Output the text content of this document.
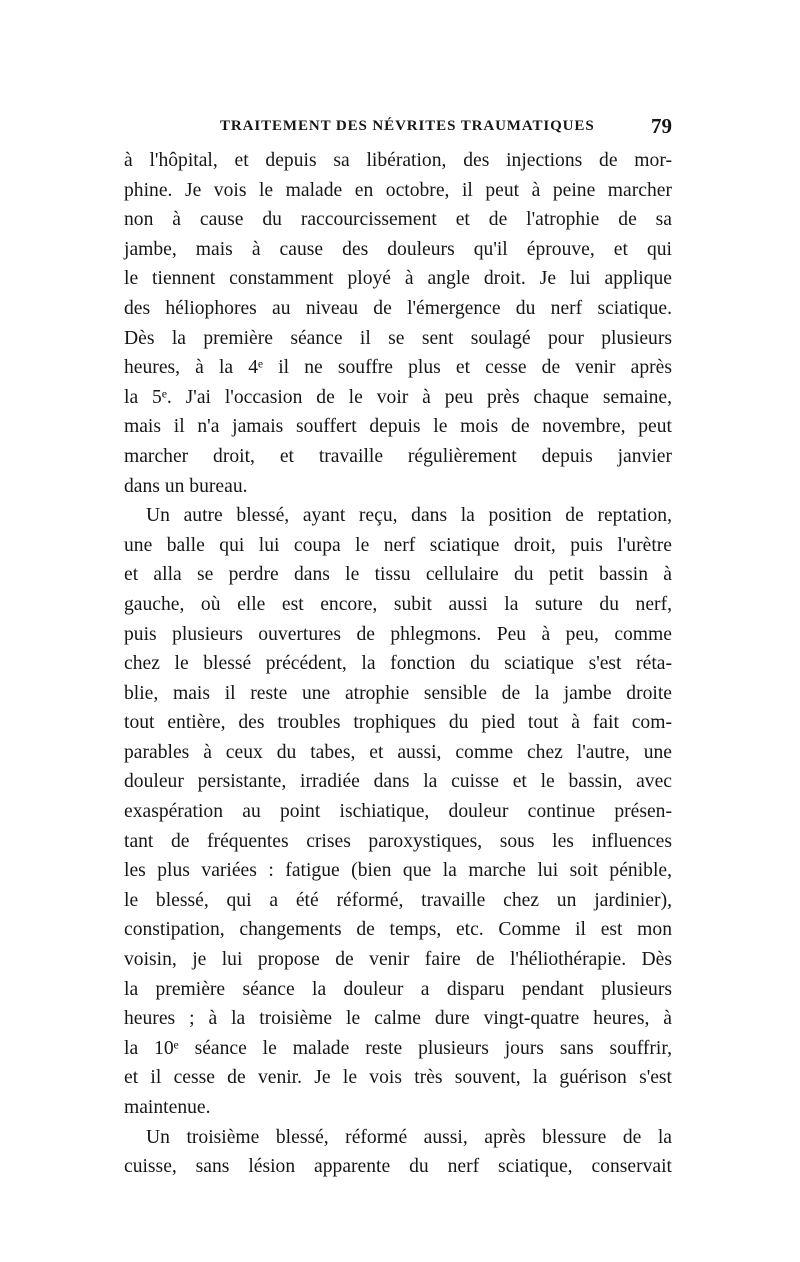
TRAITEMENT DES NÉVRITES TRAUMATIQUES	79
à l'hôpital, et depuis sa libération, des injections de mor-
phine. Je vois le malade en octobre, il peut à peine marcher
non à cause du raccourcissement et de l'atrophie de sa
jambe, mais à cause des douleurs qu'il éprouve, et qui
le tiennent constamment ployé à angle droit. Je lui applique
des héliophores au niveau de l'émergence du nerf sciatique.
Dès la première séance il se sent soulagé pour plusieurs
heures, à la 4ᵉ il ne souffre plus et cesse de venir après
la 5ᵉ. J'ai l'occasion de le voir à peu près chaque semaine,
mais il n'a jamais souffert depuis le mois de novembre, peut
marcher droit, et travaille régulièrement depuis janvier
dans un bureau.
Un autre blessé, ayant reçu, dans la position de reptation,
une balle qui lui coupa le nerf sciatique droit, puis l'urètre
et alla se perdre dans le tissu cellulaire du petit bassin à
gauche, où elle est encore, subit aussi la suture du nerf,
puis plusieurs ouvertures de phlegmons. Peu à peu, comme
chez le blessé précédent, la fonction du sciatique s'est réta-
blie, mais il reste une atrophie sensible de la jambe droite
tout entière, des troubles trophiques du pied tout à fait com-
parables à ceux du tabes, et aussi, comme chez l'autre, une
douleur persistante, irradiée dans la cuisse et le bassin, avec
exaspération au point ischiatique, douleur continue présen-
tant de fréquentes crises paroxystiques, sous les influences
les plus variées : fatigue (bien que la marche lui soit pénible,
le blessé, qui a été réformé, travaille chez un jardinier),
constipation, changements de temps, etc. Comme il est mon
voisin, je lui propose de venir faire de l'héliothérapie. Dès
la première séance la douleur a disparu pendant plusieurs
heures ; à la troisième le calme dure vingt-quatre heures, à
la 10ᵉ séance le malade reste plusieurs jours sans souffrir,
et il cesse de venir. Je le vois très souvent, la guérison s'est
maintenue.
Un troisième blessé, réformé aussi, après blessure de la
cuisse, sans lésion apparente du nerf sciatique, conservait
